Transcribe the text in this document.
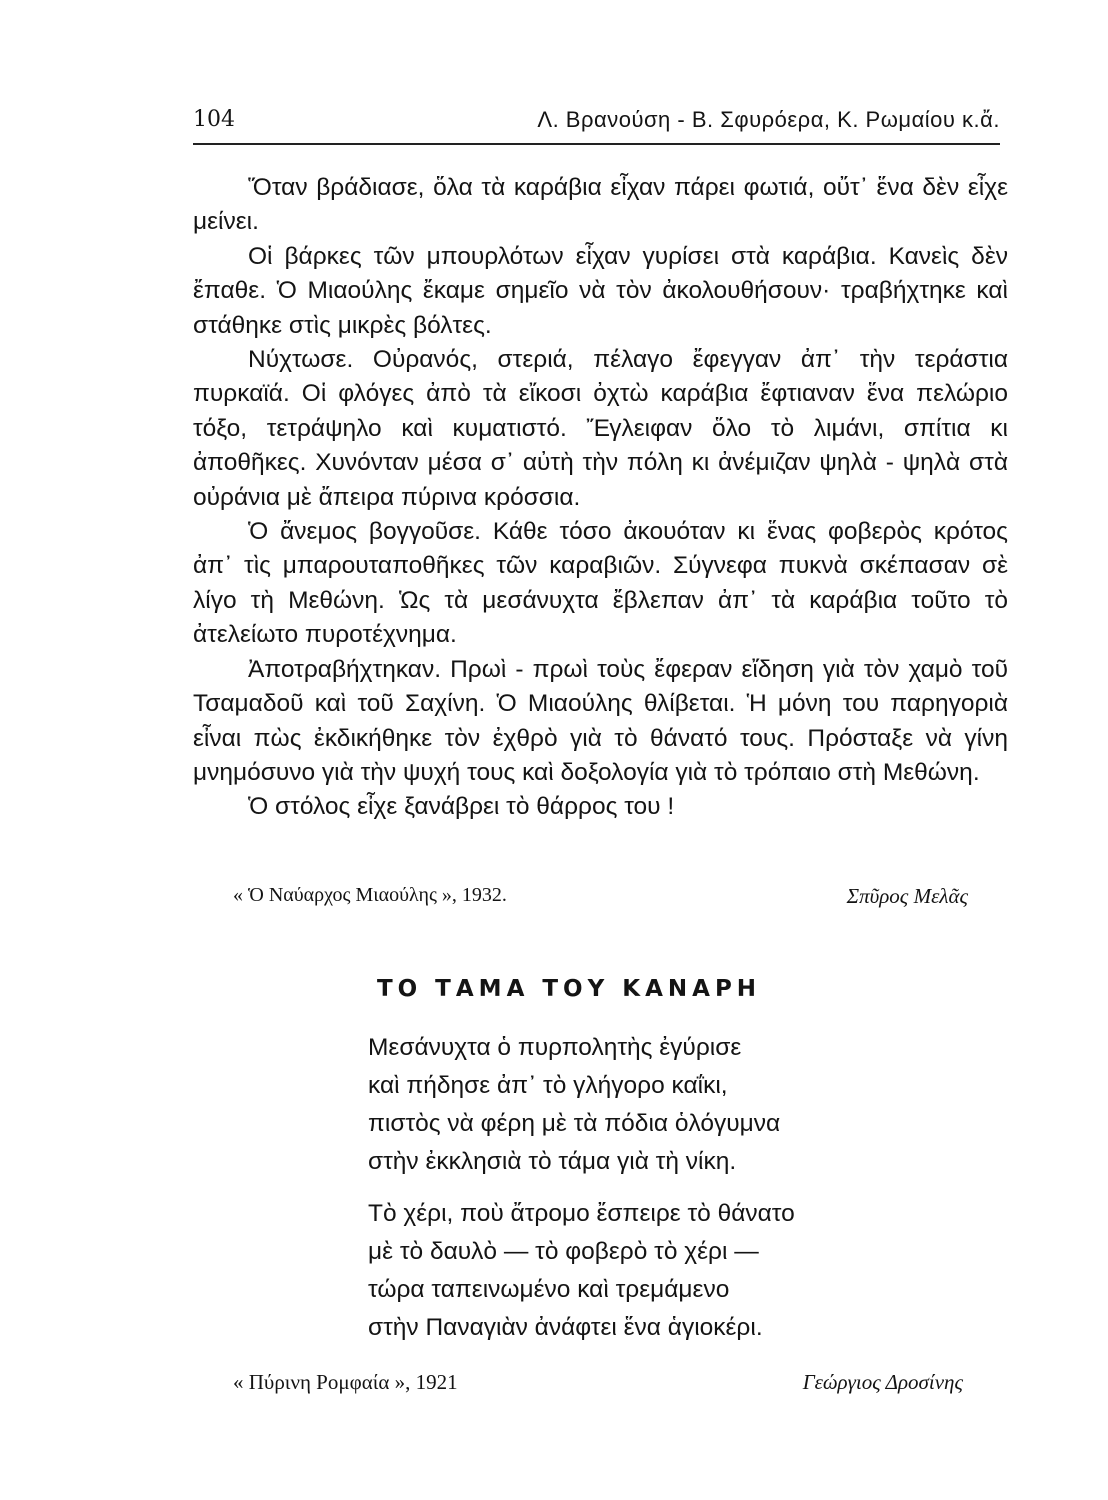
104	Λ. Βρανούση - Β. Σφυρόερα, Κ. Ρωμαίου κ.ἄ.

Ὅταν βράδιασε, ὅλα τὰ καράβια εἶχαν πάρει φωτιά, οὔτ᾽ ἕνα δὲν εἶχε μείνει.

Οἱ βάρκες τῶν μπουρλότων εἶχαν γυρίσει στὰ καράβια. Κανεὶς δὲν ἔπαθε. Ὁ Μιαούλης ἔκαμε σημεῖο νὰ τὸν ἀκολουθήσουν· τραβήχτηκε καὶ στάθηκε στὶς μικρὲς βόλτες.

Νύχτωσε. Οὐρανός, στεριά, πέλαγο ἔφεγγαν ἀπ᾽ τὴν τεράστια πυρκαϊά. Οἱ φλόγες ἀπὸ τὰ εἴκοσι ὀχτὼ καράβια ἔφτιαναν ἕνα πελώριο τόξο, τετράψηλο καὶ κυματιστό. Ἔγλειφαν ὅλο τὸ λιμάνι, σπίτια κι ἀποθῆκες. Χυνόνταν μέσα σ᾽ αὐτὴ τὴν πόλη κι ἀνέμιζαν ψηλὰ - ψηλὰ στὰ οὐράνια μὲ ἄπειρα πύρινα κρόσσια.

Ὁ ἄνεμος βογγοῦσε. Κάθε τόσο ἀκουόταν κι ἕνας φοβερὸς κρότος ἀπ᾽ τὶς μπαρουταποθῆκες τῶν καραβιῶν. Σύγνεφα πυκνὰ σκέπασαν σὲ λίγο τὴ Μεθώνη. Ὡς τὰ μεσάνυχτα ἔβλεπαν ἀπ᾽ τὰ καράβια τοῦτο τὸ ἀτελείωτο πυροτέχνημα.

Ἀποτραβήχτηκαν. Πρωὶ - πρωὶ τοὺς ἔφεραν εἴδηση γιὰ τὸν χαμὸ τοῦ Τσαμαδοῦ καὶ τοῦ Σαχίνη. Ὁ Μιαούλης θλίβεται. Ἡ μόνη του παρηγοριὰ εἶναι πὼς ἐκδικήθηκε τὸν ἐχθρὸ γιὰ τὸ θάνατό τους. Πρόσταξε νὰ γίνη μνημόσυνο γιὰ τὴν ψυχή τους καὶ δοξολογία γιὰ τὸ τρόπαιο στὴ Μεθώνη.

Ὁ στόλος εἶχε ξανάβρει τὸ θάρρος του !

« Ὁ Ναύαρχος Μιαούλης », 1932.	Σπῦρος Μελᾶς
ΤΟ ΤΑΜΑ ΤΟΥ ΚΑΝΑΡΗ
Μεσάνυχτα ὁ πυρπολητὴς ἐγύρισε
καὶ πήδησε ἀπ᾽ τὸ γλήγορο καΐκι,
πιστὸς νὰ φέρη μὲ τὰ πόδια ὁλόγυμνα
στὴν ἐκκλησιὰ τὸ τάμα γιὰ τὴ νίκη.
Τὸ χέρι, ποὺ ἄτρομο ἔσπειρε τὸ θάνατο
μὲ τὸ δαυλὸ — τὸ φοβερὸ τὸ χέρι —
τώρα ταπεινωμένο καὶ τρεμάμενο
στὴν Παναγιὰν ἀνάφτει ἕνα ἁγιοκέρι.
« Πύρινη Ρομφαία », 1921	Γεώργιος Δροσίνης
